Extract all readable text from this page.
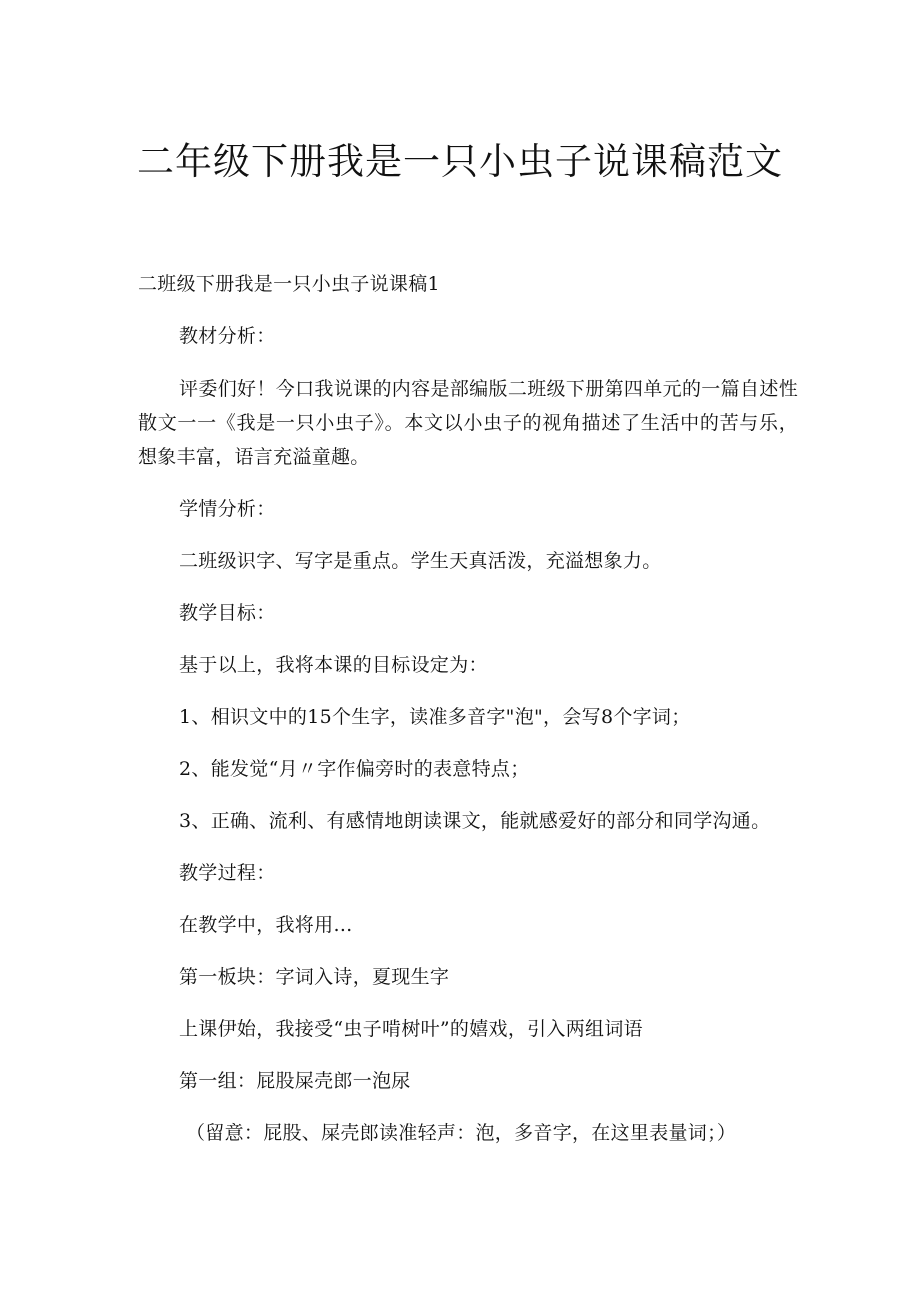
二年级下册我是一只小虫子说课稿范文

二班级下册我是一只小虫子说课稿1

教材分析：

评委们好！今口我说课的内容是部编版二班级下册第四单元的一篇自述性散文一一《我是一只小虫子》。本文以小虫子的视角描述了生活中的苦与乐，想象丰富，语言充溢童趣。

学情分析：

二班级识字、写字是重点。学生天真活泼，充溢想象力。

教学目标：

基于以上，我将本课的目标设定为：

1、相识文中的15个生字，读准多音字"泡"，会写8个字词；

2、能发觉“月〃字作偏旁时的表意特点；

3、正确、流利、有感情地朗读课文，能就感爱好的部分和同学沟通。

教学过程：

在教学中，我将用…

第一板块：字词入诗，夏现生字

上课伊始，我接受“虫子啃树叶”的嬉戏，引入两组词语

第一组：屁股屎壳郎一泡尿

（留意：屁股、屎壳郎读准轻声：泡，多音字，在这里表量词；）
